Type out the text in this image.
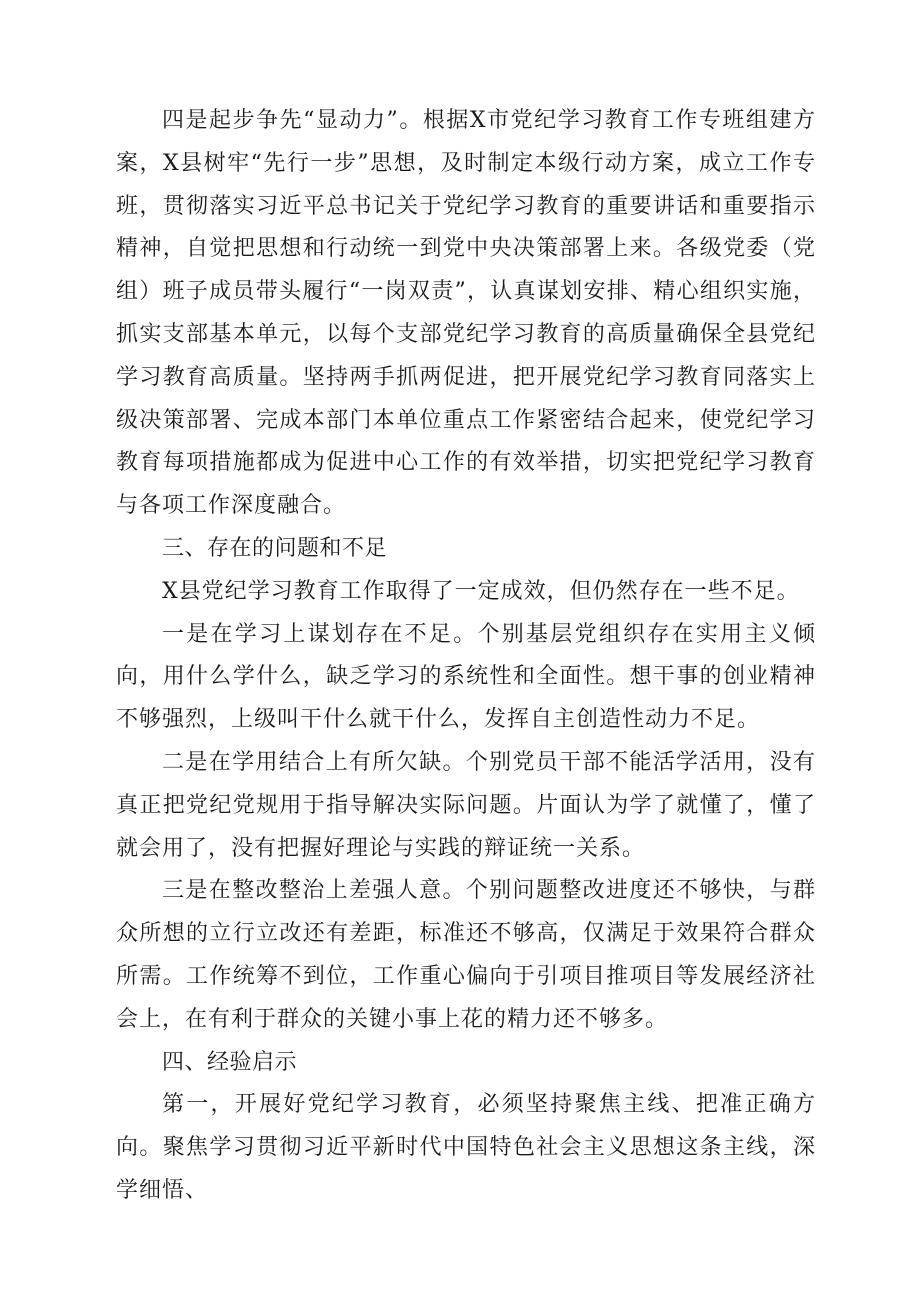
四是起步争先“显动力”。根据X市党纪学习教育工作专班组建方案，X县树牢“先行一步”思想，及时制定本级行动方案，成立工作专班，贯彻落实习近平总书记关于党纪学习教育的重要讲话和重要指示精神，自觉把思想和行动统一到党中央决策部署上来。各级党委（党组）班子成员带头履行“一岗双责”，认真谋划安排、精心组织实施，抓实支部基本单元，以每个支部党纪学习教育的高质量确保全县党纪学习教育高质量。坚持两手抓两促进，把开展党纪学习教育同落实上级决策部署、完成本部门本单位重点工作紧密结合起来，使党纪学习教育每项措施都成为促进中心工作的有效举措，切实把党纪学习教育与各项工作深度融合。

三、存在的问题和不足

X县党纪学习教育工作取得了一定成效，但仍然存在一些不足。

一是在学习上谋划存在不足。个别基层党组织存在实用主义倾向，用什么学什么，缺乏学习的系统性和全面性。想干事的创业精神不够强烈，上级叫干什么就干什么，发挥自主创造性动力不足。

二是在学用结合上有所欠缺。个别党员干部不能活学活用，没有真正把党纪党规用于指导解决实际问题。片面认为学了就懂了，懂了就会用了，没有把握好理论与实践的辩证统一关系。

三是在整改整治上差强人意。个别问题整改进度还不够快，与群众所想的立行立改还有差距，标准还不够高，仅满足于效果符合群众所需。工作统筹不到位，工作重心偏向于引项目推项目等发展经济社会上，在有利于群众的关键小事上花的精力还不够多。

四、经验启示

第一，开展好党纪学习教育，必须坚持聚焦主线、把准正确方向。聚焦学习贯彻习近平新时代中国特色社会主义思想这条主线，深学细悟、
